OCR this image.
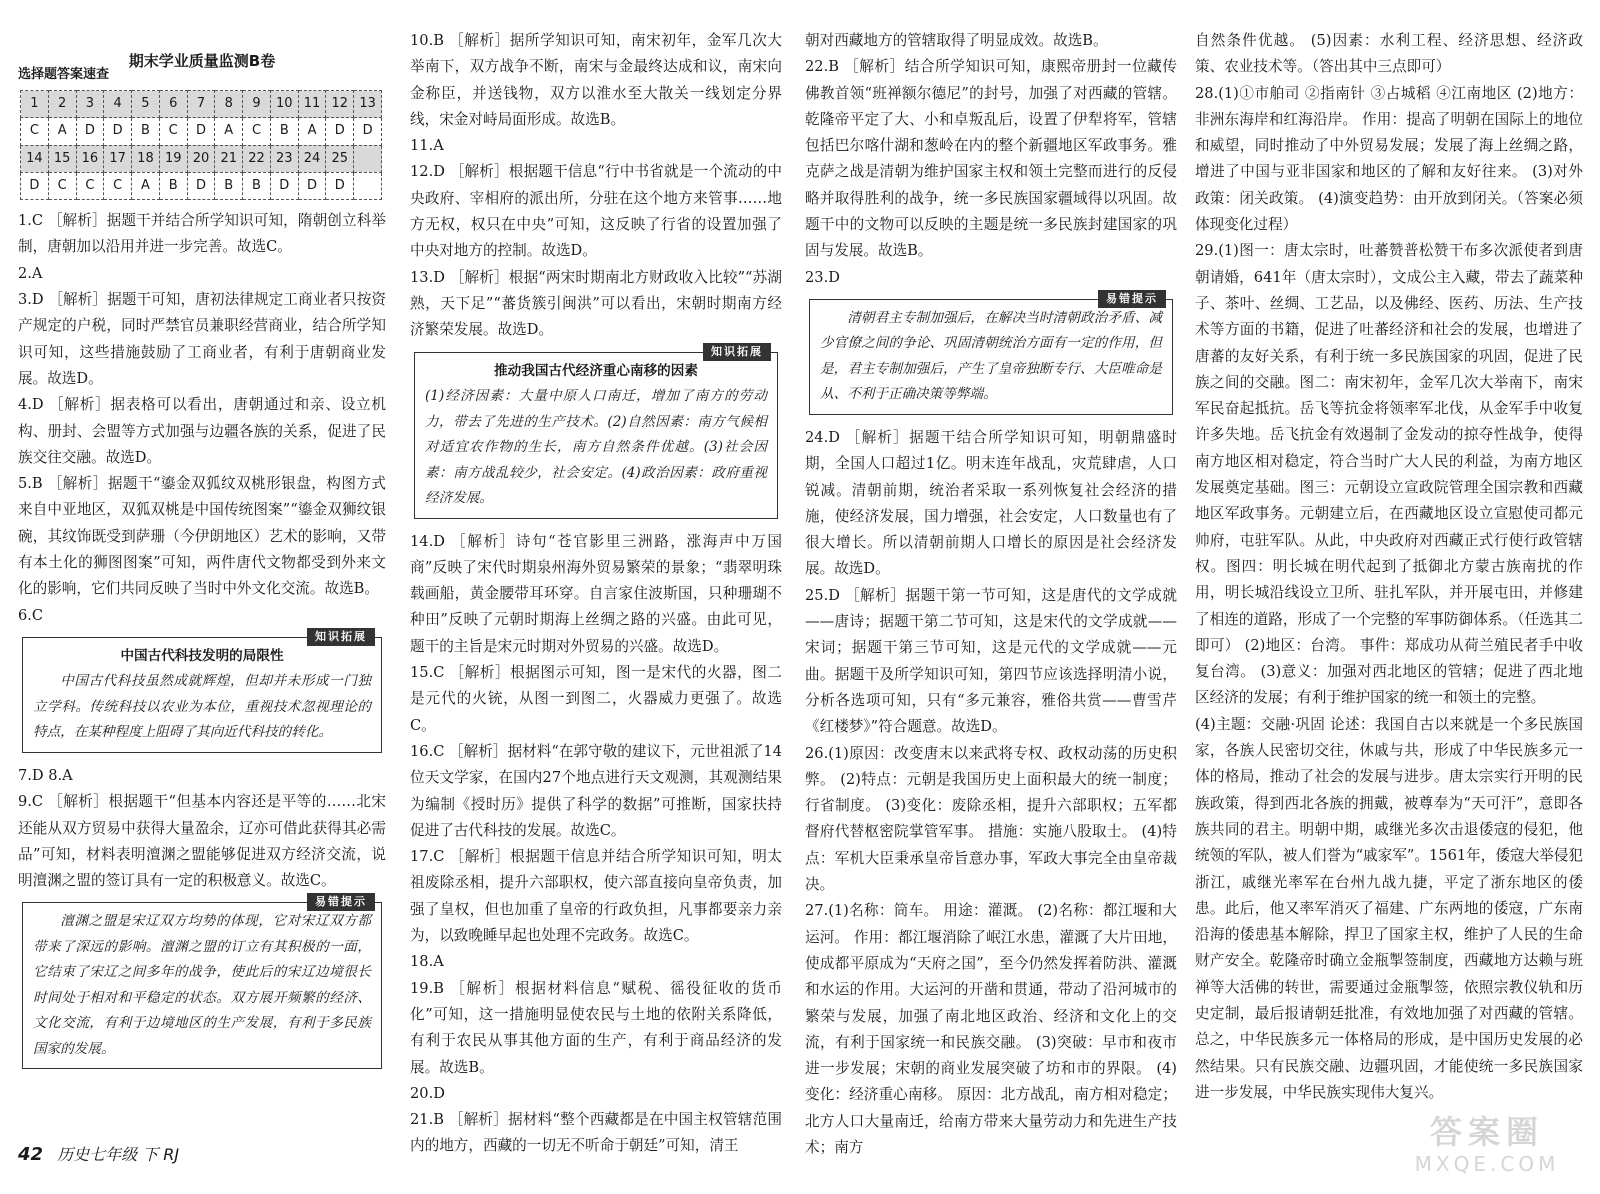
期末学业质量监测B卷
选择题答案速查
1	2	3	4	5	6	7	8	9	10	11	12	13
C	A	D	D	B	C	D	A	C	B	A	D	D
14	15	16	17	18	19	20	21	22	23	24	25	
D	C	C	C	A	B	D	B	B	D	D	D	

1.C ［解析］据题干并结合所学知识可知，隋朝创立科举制，唐朝加以沿用并进一步完善。故选C。

2.A

3.D ［解析］据题干可知，唐初法律规定工商业者只按资产规定的户税，同时严禁官员兼职经营商业，结合所学知识可知，这些措施鼓励了工商业者，有利于唐朝商业发展。故选D。

4.D ［解析］据表格可以看出，唐朝通过和亲、设立机构、册封、会盟等方式加强与边疆各族的关系，促进了民族交往交融。故选D。

5.B ［解析］据题干“鎏金双狐纹双桃形银盘，构图方式来自中亚地区，双狐双桃是中国传统图案”“鎏金双狮纹银碗，其纹饰既受到萨珊（今伊朗地区）艺术的影响，又带有本土化的狮图图案”可知，两件唐代文物都受到外来文化的影响，它们共同反映了当时中外文化交流。故选B。

6.C

知识拓展
中国古代科技发明的局限性
中国古代科技虽然成就辉煌，但却并未形成一门独立学科。传统科技以农业为本位，重视技术忽视理论的特点，在某种程度上阻碍了其向近代科技的转化。

7.D 8.A

9.C ［解析］根据题干“但基本内容还是平等的……北宋还能从双方贸易中获得大量盈余，辽亦可借此获得其必需品”可知，材料表明澶渊之盟能够促进双方经济交流，说明澶渊之盟的签订具有一定的积极意义。故选C。

易错提示
澶渊之盟是宋辽双方均势的体现，它对宋辽双方都带来了深远的影响。澶渊之盟的订立有其积极的一面，它结束了宋辽之间多年的战争，使此后的宋辽边境很长时间处于相对和平稳定的状态。双方展开频繁的经济、文化交流，有利于边境地区的生产发展，有利于多民族国家的发展。

10.B ［解析］据所学知识可知，南宋初年，金军几次大举南下，双方战争不断，南宋与金最终达成和议，南宋向金称臣，并送钱物，双方以淮水至大散关一线划定分界线，宋金对峙局面形成。故选B。

11.A

12.D ［解析］根据题干信息“行中书省就是一个流动的中央政府、宰相府的派出所，分驻在这个地方来管事……地方无权，权只在中央”可知，这反映了行省的设置加强了中央对地方的控制。故选D。

13.D ［解析］根据“两宋时期南北方财政收入比较”“苏湖熟，天下足”“蕃货簇引闽洪”可以看出，宋朝时期南方经济繁荣发展。故选D。

知识拓展
推动我国古代经济重心南移的因素
(1)经济因素：大量中原人口南迁，增加了南方的劳动力，带去了先进的生产技术。(2)自然因素：南方气候相对适宜农作物的生长，南方自然条件优越。(3)社会因素：南方战乱较少，社会安定。(4)政治因素：政府重视经济发展。

14.D ［解析］诗句“苍官影里三洲路，涨海声中万国商”反映了宋代时期泉州海外贸易繁荣的景象；“翡翠明珠载画船，黄金腰带耳环穿。自言家住波斯国，只种珊瑚不种田”反映了元朝时期海上丝绸之路的兴盛。由此可见，题干的主旨是宋元时期对外贸易的兴盛。故选D。

15.C ［解析］根据图示可知，图一是宋代的火器，图二是元代的火铳，从图一到图二，火器威力更强了。故选C。

16.C ［解析］据材料“在郭守敬的建议下，元世祖派了14位天文学家，在国内27个地点进行天文观测，其观测结果为编制《授时历》提供了科学的数据”可推断，国家扶持促进了古代科技的发展。故选C。

17.C ［解析］根据题干信息并结合所学知识可知，明太祖废除丞相，提升六部职权，使六部直接向皇帝负责，加强了皇权，但也加重了皇帝的行政负担，凡事都要亲力亲为，以致晚睡早起也处理不完政务。故选C。

18.A

19.B ［解析］根据材料信息“赋税、徭役征收的货币化”可知，这一措施明显使农民与土地的依附关系降低，有利于农民从事其他方面的生产，有利于商品经济的发展。故选B。

20.D

21.B ［解析］据材料“整个西藏都是在中国主权管辖范围内的地方，西藏的一切无不听命于朝廷”可知，清王

朝对西藏地方的管辖取得了明显成效。故选B。

22.B ［解析］结合所学知识可知，康熙帝册封一位藏传佛教首领“班禅额尔德尼”的封号，加强了对西藏的管辖。乾隆帝平定了大、小和卓叛乱后，设置了伊犁将军，管辖包括巴尔喀什湖和葱岭在内的整个新疆地区军政事务。雅克萨之战是清朝为维护国家主权和领土完整而进行的反侵略并取得胜利的战争，统一多民族国家疆域得以巩固。故题干中的文物可以反映的主题是统一多民族封建国家的巩固与发展。故选B。

23.D

易错提示
清朝君主专制加强后，在解决当时清朝政治矛盾、减少官僚之间的争论、巩固清朝统治方面有一定的作用，但是，君主专制加强后，产生了皇帝独断专行、大臣唯命是从、不利于正确决策等弊端。

24.D ［解析］据题干结合所学知识可知，明朝鼎盛时期，全国人口超过1亿。明末连年战乱，灾荒肆虐，人口锐减。清朝前期，统治者采取一系列恢复社会经济的措施，使经济发展，国力增强，社会安定，人口数量也有了很大增长。所以清朝前期人口增长的原因是社会经济发展。故选D。

25.D ［解析］据题干第一节可知，这是唐代的文学成就——唐诗；据题干第二节可知，这是宋代的文学成就——宋词；据题干第三节可知，这是元代的文学成就——元曲。据题干及所学知识可知，第四节应该选择明清小说，分析各选项可知，只有“多元兼容，雅俗共赏——曹雪芹《红楼梦》”符合题意。故选D。

26.(1)原因：改变唐末以来武将专权、政权动荡的历史积弊。 (2)特点：元朝是我国历史上面积最大的统一制度；行省制度。 (3)变化：废除丞相，提升六部职权；五军都督府代替枢密院掌管军事。 措施：实施八股取士。 (4)特点：军机大臣秉承皇帝旨意办事，军政大事完全由皇帝裁决。

27.(1)名称：筒车。 用途：灌溉。 (2)名称：都江堰和大运河。 作用：都江堰消除了岷江水患，灌溉了大片田地，使成都平原成为“天府之国”，至今仍然发挥着防洪、灌溉和水运的作用。大运河的开凿和贯通，带动了沿河城市的繁荣与发展，加强了南北地区政治、经济和文化上的交流，有利于国家统一和民族交融。 (3)突破：早市和夜市进一步发展；宋朝的商业发展突破了坊和市的界限。 (4)变化：经济重心南移。 原因：北方战乱，南方相对稳定；北方人口大量南迁，给南方带来大量劳动力和先进生产技术；南方

自然条件优越。 (5)因素：水利工程、经济思想、经济政策、农业技术等。（答出其中三点即可）

28.(1)①市舶司 ②指南针 ③占城稻 ④江南地区 (2)地方：非洲东海岸和红海沿岸。 作用：提高了明朝在国际上的地位和威望，同时推动了中外贸易发展；发展了海上丝绸之路，增进了中国与亚非国家和地区的了解和友好往来。 (3)对外政策：闭关政策。 (4)演变趋势：由开放到闭关。（答案必须体现变化过程）

29.(1)图一：唐太宗时，吐蕃赞普松赞干布多次派使者到唐朝请婚，641年（唐太宗时），文成公主入藏，带去了蔬菜种子、茶叶、丝绸、工艺品，以及佛经、医药、历法、生产技术等方面的书籍，促进了吐蕃经济和社会的发展，也增进了唐蕃的友好关系，有利于统一多民族国家的巩固，促进了民族之间的交融。图二：南宋初年，金军几次大举南下，南宋军民奋起抵抗。岳飞等抗金将领率军北伐，从金军手中收复许多失地。岳飞抗金有效遏制了金发动的掠夺性战争，使得南方地区相对稳定，符合当时广大人民的利益，为南方地区发展奠定基础。图三：元朝设立宣政院管理全国宗教和西藏地区军政事务。元朝建立后，在西藏地区设立宣慰使司都元帅府，屯驻军队。从此，中央政府对西藏正式行使行政管辖权。图四：明长城在明代起到了抵御北方蒙古族南扰的作用，明长城沿线设立卫所、驻扎军队，并开展屯田，并修建了相连的道路，形成了一个完整的军事防御体系。（任选其二即可） (2)地区：台湾。 事件：郑成功从荷兰殖民者手中收复台湾。 (3)意义：加强对西北地区的管辖；促进了西北地区经济的发展；有利于维护国家的统一和领土的完整。

(4)主题：交融·巩固 论述：我国自古以来就是一个多民族国家，各族人民密切交往，休戚与共，形成了中华民族多元一体的格局，推动了社会的发展与进步。唐太宗实行开明的民族政策，得到西北各族的拥戴，被尊奉为“天可汗”，意即各族共同的君主。明朝中期，戚继光多次击退倭寇的侵犯，他统领的军队，被人们誉为“戚家军”。1561年，倭寇大举侵犯浙江，戚继光率军在台州九战九捷，平定了浙东地区的倭患。此后，他又率军消灭了福建、广东两地的倭寇，广东南沿海的倭患基本解除，捍卫了国家主权，维护了人民的生命财产安全。乾隆帝时确立金瓶掣签制度，西藏地方达赖与班禅等大活佛的转世，需要通过金瓶掣签，依照宗教仪轨和历史定制，最后报请朝廷批准，有效地加强了对西藏的管辖。总之，中华民族多元一体格局的形成，是中国历史发展的必然结果。只有民族交融、边疆巩固，才能使统一多民族国家进一步发展，中华民族实现伟大复兴。

42 历史七年级 下 RJ
答案圈
MXQE.COM
